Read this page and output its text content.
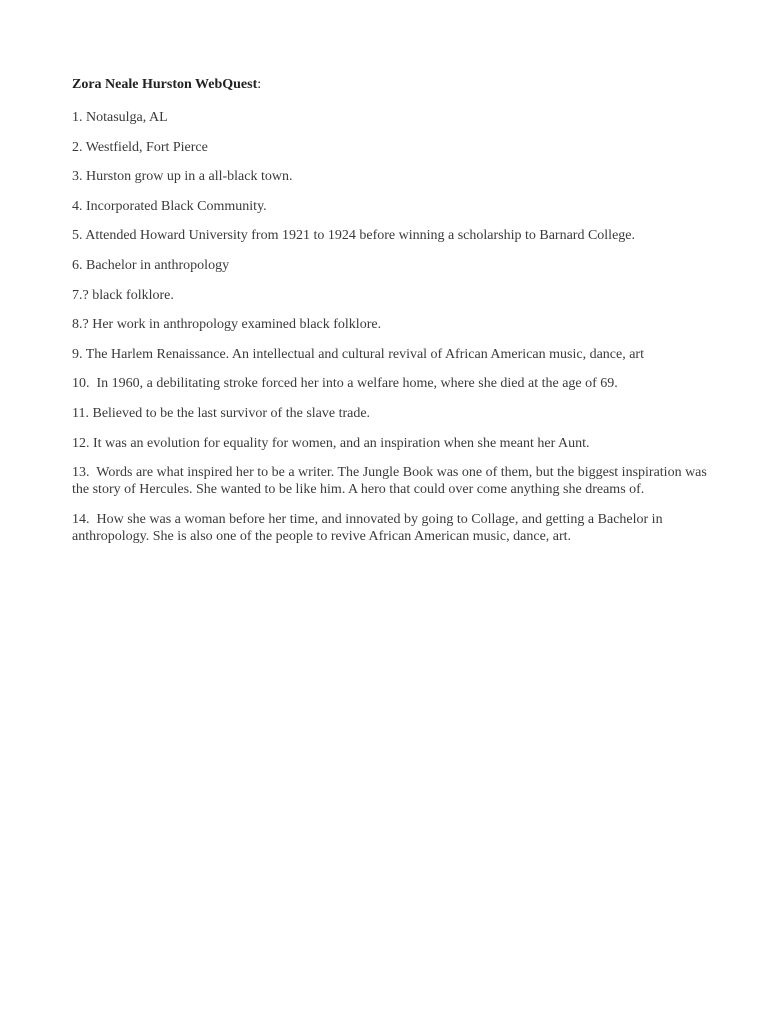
Zora Neale Hurston WebQuest:

1. Notasulga, AL

2. Westfield, Fort Pierce

3. Hurston grow up in a all-black town.

4. Incorporated Black Community.

5. Attended Howard University from 1921 to 1924 before winning a scholarship to Barnard College.

6. Bachelor in anthropology

7.? black folklore.

8.? Her work in anthropology examined black folklore.

9. The Harlem Renaissance. An intellectual and cultural revival of African American music, dance, art

10.  In 1960, a debilitating stroke forced her into a welfare home, where she died at the age of 69.

11. Believed to be the last survivor of the slave trade.

12. It was an evolution for equality for women, and an inspiration when she meant her Aunt.

13.  Words are what inspired her to be a writer. The Jungle Book was one of them, but the biggest inspiration was the story of Hercules. She wanted to be like him. A hero that could over come anything she dreams of.

14.  How she was a woman before her time, and innovated by going to Collage, and getting a Bachelor in anthropology. She is also one of the people to revive African American music, dance, art.
